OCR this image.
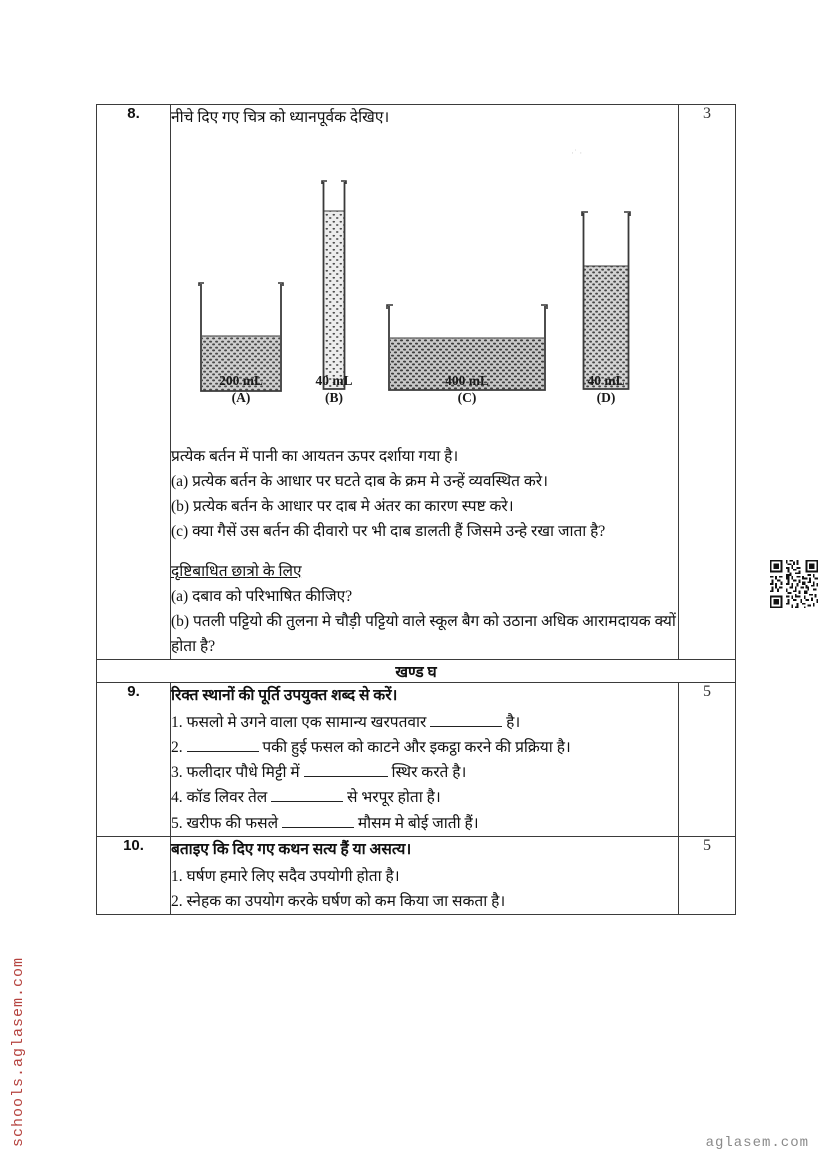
schools.aglasem.com	aglasem.com
8.	नीचे दिए गए चित्र को ध्यानपूर्वक देखिए।

·˙ ·
200 mL
(A)
40 mL
(B)
400 mL
(C)
40 mL
(D)

प्रत्येक बर्तन में पानी का आयतन ऊपर दर्शाया गया है।

(a) प्रत्येक बर्तन के आधार पर घटते दाब के क्रम मे उन्हें व्यवस्थित करे।

(b) प्रत्येक बर्तन के आधार पर दाब मे अंतर का कारण स्पष्ट करे।

(c) क्या गैसें उस बर्तन की दीवारो पर भी दाब डालती हैं जिसमे उन्हे रखा जाता है?

दृष्टिबाधित छात्रो के लिए

(a) दबाव को परिभाषित कीजिए?

(b) पतली पट्टियो की तुलना मे चौड़ी पट्टियो वाले स्कूल बैग को उठाना अधिक आरामदायक क्यों होता है?

	3
खण्ड घ		
9.	रिक्त स्थानों की पूर्ति उपयुक्त शब्द से करें।

1. फसलो मे उगने वाला एक सामान्य खरपतवार	है।

2.	पकी हुई फसल को काटने और इकट्ठा करने की प्रक्रिया है।

3. फलीदार पौधे मिट्टी में	स्थिर करते है।

4. कॉड लिवर तेल	से भरपूर होता है।

5. खरीफ की फसले	मौसम मे बोई जाती हैं।

	5
10.	बताइए कि दिए गए कथन सत्य हैं या असत्य।

1. घर्षण हमारे लिए सदैव उपयोगी होता है।

2. स्नेहक का उपयोग करके घर्षण को कम किया जा सकता है।	5
